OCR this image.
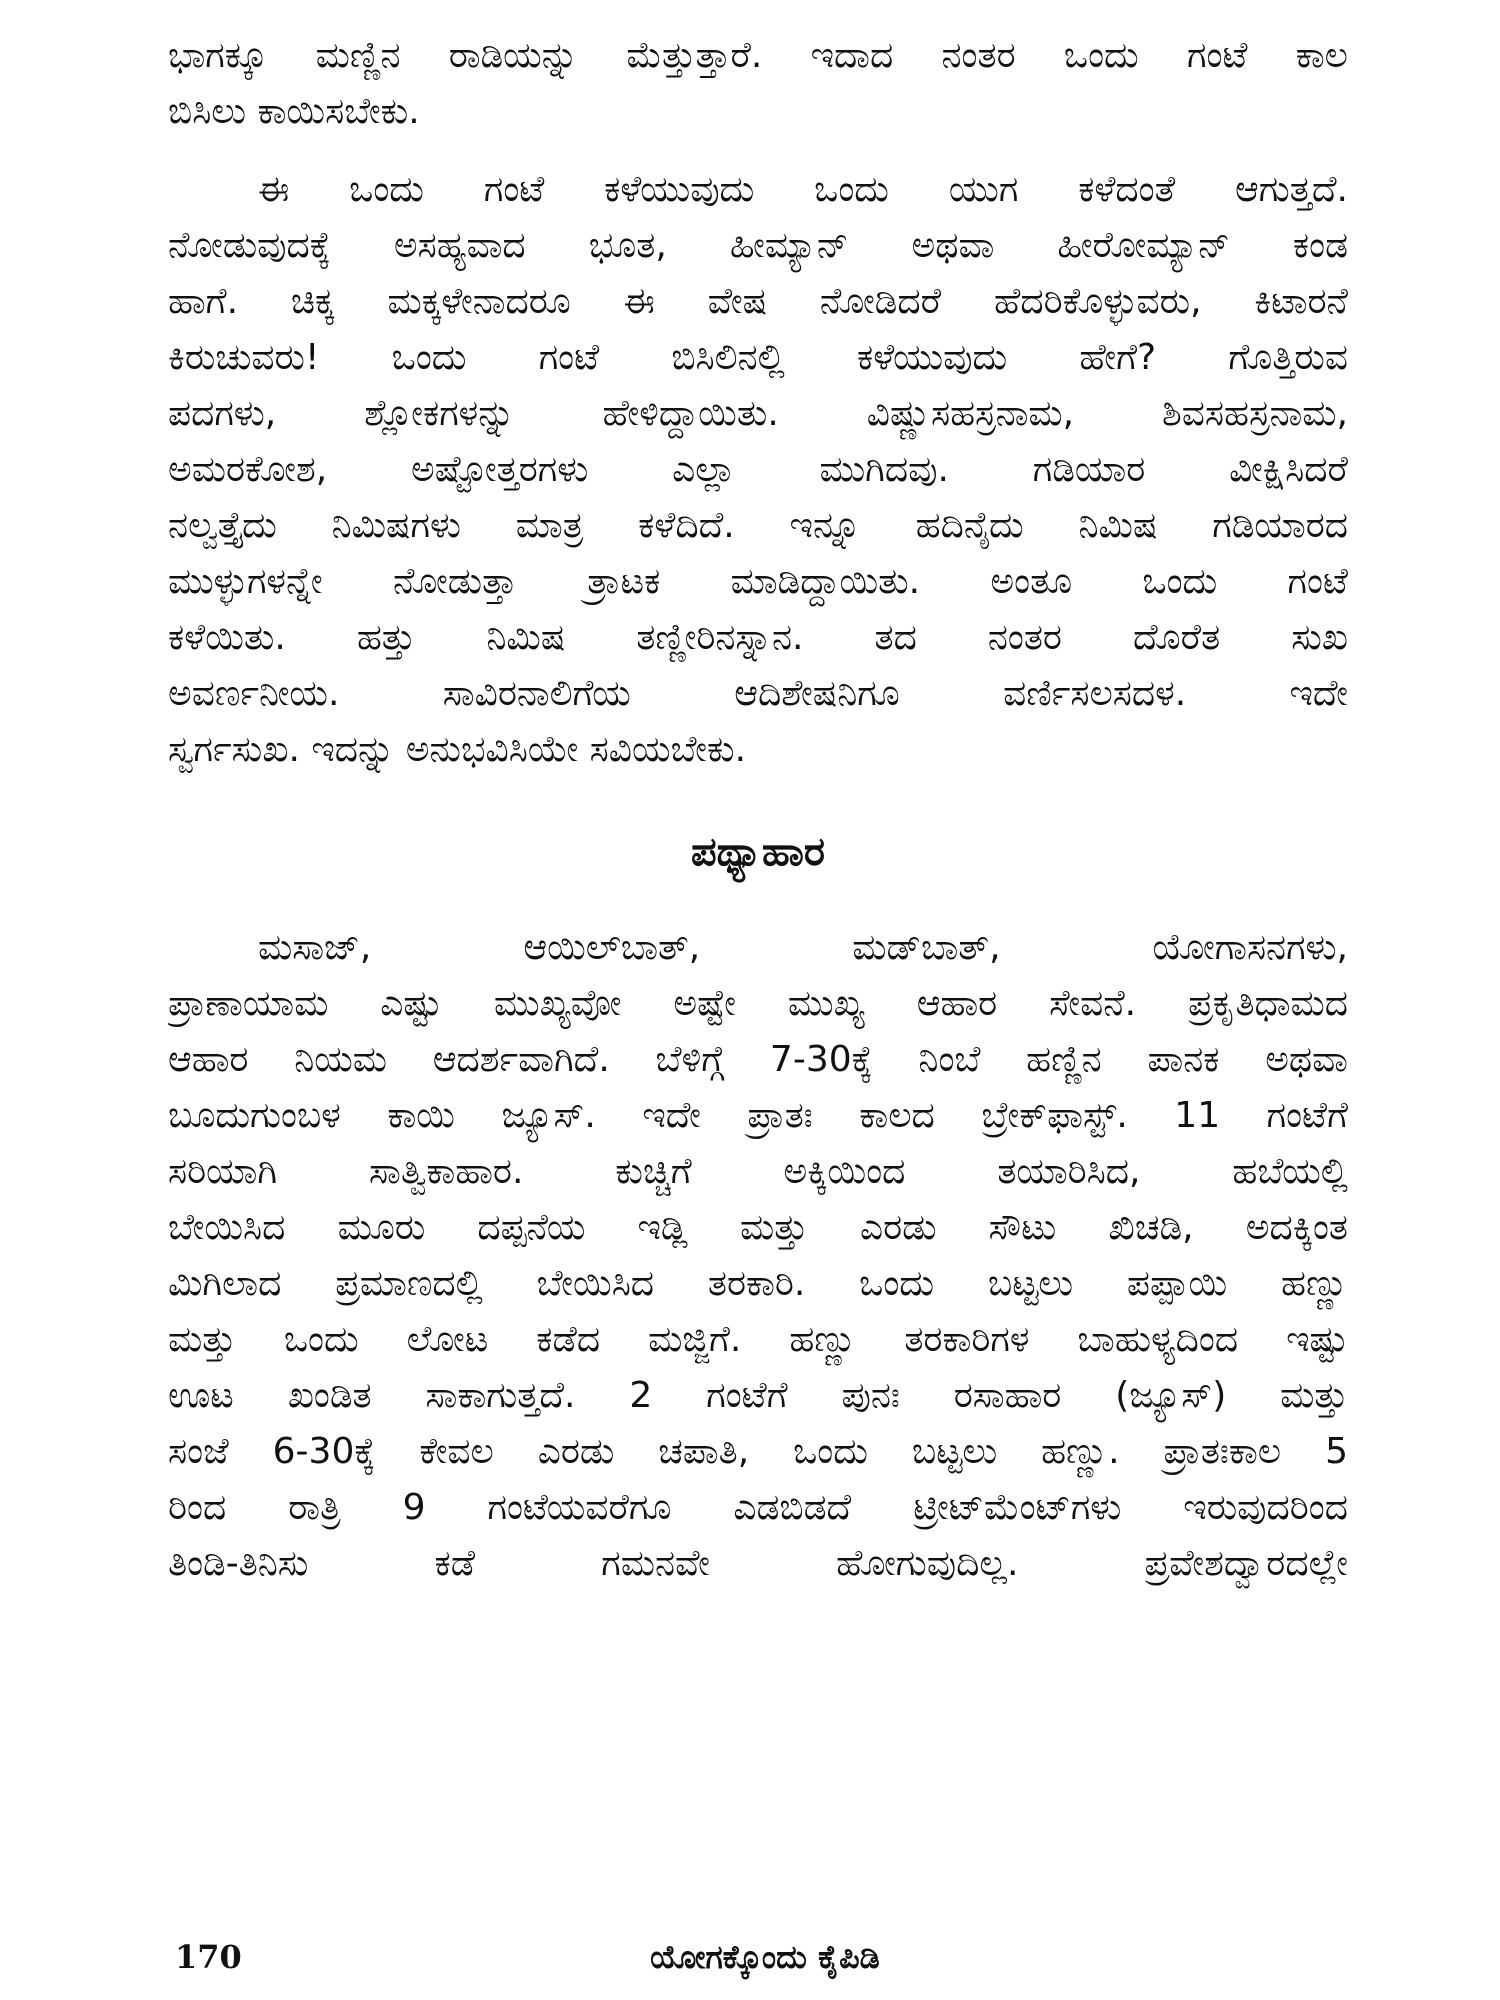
ಭಾಗಕ್ಕೂ ಮಣ್ಣಿನ ರಾಡಿಯನ್ನು ಮೆತ್ತುತ್ತಾರೆ. ಇದಾದ ನಂತರ ಒಂದು ಗಂಟೆ ಕಾಲ

ಬಿಸಿಲು ಕಾಯಿಸಬೇಕು.

ಈ ಒಂದು ಗಂಟೆ ಕಳೆಯುವುದು ಒಂದು ಯುಗ ಕಳೆದಂತೆ ಆಗುತ್ತದೆ.

ನೋಡುವುದಕ್ಕೆ ಅಸಹ್ಯವಾದ ಭೂತ, ಹೀಮ್ಯಾನ್ ಅಥವಾ ಹೀರೋಮ್ಯಾನ್ ಕಂಡ

ಹಾಗೆ. ಚಿಕ್ಕ ಮಕ್ಕಳೇನಾದರೂ ಈ ವೇಷ ನೋಡಿದರೆ ಹೆದರಿಕೊಳ್ಳುವರು, ಕಿಟಾರನೆ

ಕಿರುಚುವರು! ಒಂದು ಗಂಟೆ ಬಿಸಿಲಿನಲ್ಲಿ ಕಳೆಯುವುದು ಹೇಗೆ? ಗೊತ್ತಿರುವ

ಪದಗಳು, ಶ್ಲೋಕಗಳನ್ನು ಹೇಳಿದ್ದಾಯಿತು. ವಿಷ್ಣುಸಹಸ್ರನಾಮ, ಶಿವಸಹಸ್ರನಾಮ,

ಅಮರಕೋಶ, ಅಷ್ಟೋತ್ತರಗಳು ಎಲ್ಲಾ ಮುಗಿದವು. ಗಡಿಯಾರ ವೀಕ್ಷಿಸಿದರೆ

ನಲ್ವತ್ತೈದು ನಿಮಿಷಗಳು ಮಾತ್ರ ಕಳೆದಿದೆ. ಇನ್ನೂ ಹದಿನೈದು ನಿಮಿಷ ಗಡಿಯಾರದ

ಮುಳ್ಳುಗಳನ್ನೇ ನೋಡುತ್ತಾ ತ್ರಾಟಕ ಮಾಡಿದ್ದಾಯಿತು. ಅಂತೂ ಒಂದು ಗಂಟೆ

ಕಳೆಯಿತು. ಹತ್ತು ನಿಮಿಷ ತಣ್ಣೀರಿನಸ್ನಾನ. ತದ ನಂತರ ದೊರೆತ ಸುಖ

ಅವರ್ಣನೀಯ. ಸಾವಿರನಾಲಿಗೆಯ ಆದಿಶೇಷನಿಗೂ ವರ್ಣಿಸಲಸದಳ. ಇದೇ

ಸ್ವರ್ಗಸುಖ. ಇದನ್ನು ಅನುಭವಿಸಿಯೇ ಸವಿಯಬೇಕು.

ಪಥ್ಯಾಹಾರ

ಮಸಾಜ್, ಆಯಿಲ್‌ಬಾತ್, ಮಡ್‌ಬಾತ್, ಯೋಗಾಸನಗಳು,

ಪ್ರಾಣಾಯಾಮ ಎಷ್ಟು ಮುಖ್ಯವೋ ಅಷ್ಟೇ ಮುಖ್ಯ ಆಹಾರ ಸೇವನೆ. ಪ್ರಕೃತಿಧಾಮದ

ಆಹಾರ ನಿಯಮ ಆದರ್ಶವಾಗಿದೆ. ಬೆಳಿಗ್ಗೆ 7-30ಕ್ಕೆ ನಿಂಬೆ ಹಣ್ಣಿನ ಪಾನಕ ಅಥವಾ

ಬೂದುಗುಂಬಳ ಕಾಯಿ ಜ್ಯೂಸ್. ಇದೇ ಪ್ರಾತಃ ಕಾಲದ ಬ್ರೇಕ್‌ಫಾಸ್ಟ್. 11 ಗಂಟೆಗೆ

ಸರಿಯಾಗಿ ಸಾತ್ವಿಕಾಹಾರ. ಕುಚ್ಚಿಗೆ ಅಕ್ಕಿಯಿಂದ ತಯಾರಿಸಿದ, ಹಬೆಯಲ್ಲಿ

ಬೇಯಿಸಿದ ಮೂರು ದಪ್ಪನೆಯ ಇಡ್ಲಿ ಮತ್ತು ಎರಡು ಸೌಟು ಖಿಚಡಿ, ಅದಕ್ಕಿಂತ

ಮಿಗಿಲಾದ ಪ್ರಮಾಣದಲ್ಲಿ ಬೇಯಿಸಿದ ತರಕಾರಿ. ಒಂದು ಬಟ್ಟಲು ಪಪ್ಪಾಯಿ ಹಣ್ಣು

ಮತ್ತು ಒಂದು ಲೋಟ ಕಡೆದ ಮಜ್ಜಿಗೆ. ಹಣ್ಣು ತರಕಾರಿಗಳ ಬಾಹುಳ್ಯದಿಂದ ಇಷ್ಟು

ಊಟ ಖಂಡಿತ ಸಾಕಾಗುತ್ತದೆ. 2 ಗಂಟೆಗೆ ಪುನಃ ರಸಾಹಾರ (ಜ್ಯೂಸ್) ಮತ್ತು

ಸಂಜೆ 6-30ಕ್ಕೆ ಕೇವಲ ಎರಡು ಚಪಾತಿ, ಒಂದು ಬಟ್ಟಲು ಹಣ್ಣು. ಪ್ರಾತಃಕಾಲ 5

ರಿಂದ ರಾತ್ರಿ 9 ಗಂಟೆಯವರೆಗೂ ಎಡಬಿಡದೆ ಟ್ರೀಟ್‌ಮೆಂಟ್‌ಗಳು ಇರುವುದರಿಂದ

ತಿಂಡಿ-ತಿನಿಸು ಕಡೆ ಗಮನವೇ ಹೋಗುವುದಿಲ್ಲ. ಪ್ರವೇಶದ್ವಾರದಲ್ಲೇ

170	ಯೋಗಕ್ಕೊಂದು ಕೈಪಿಡಿ
